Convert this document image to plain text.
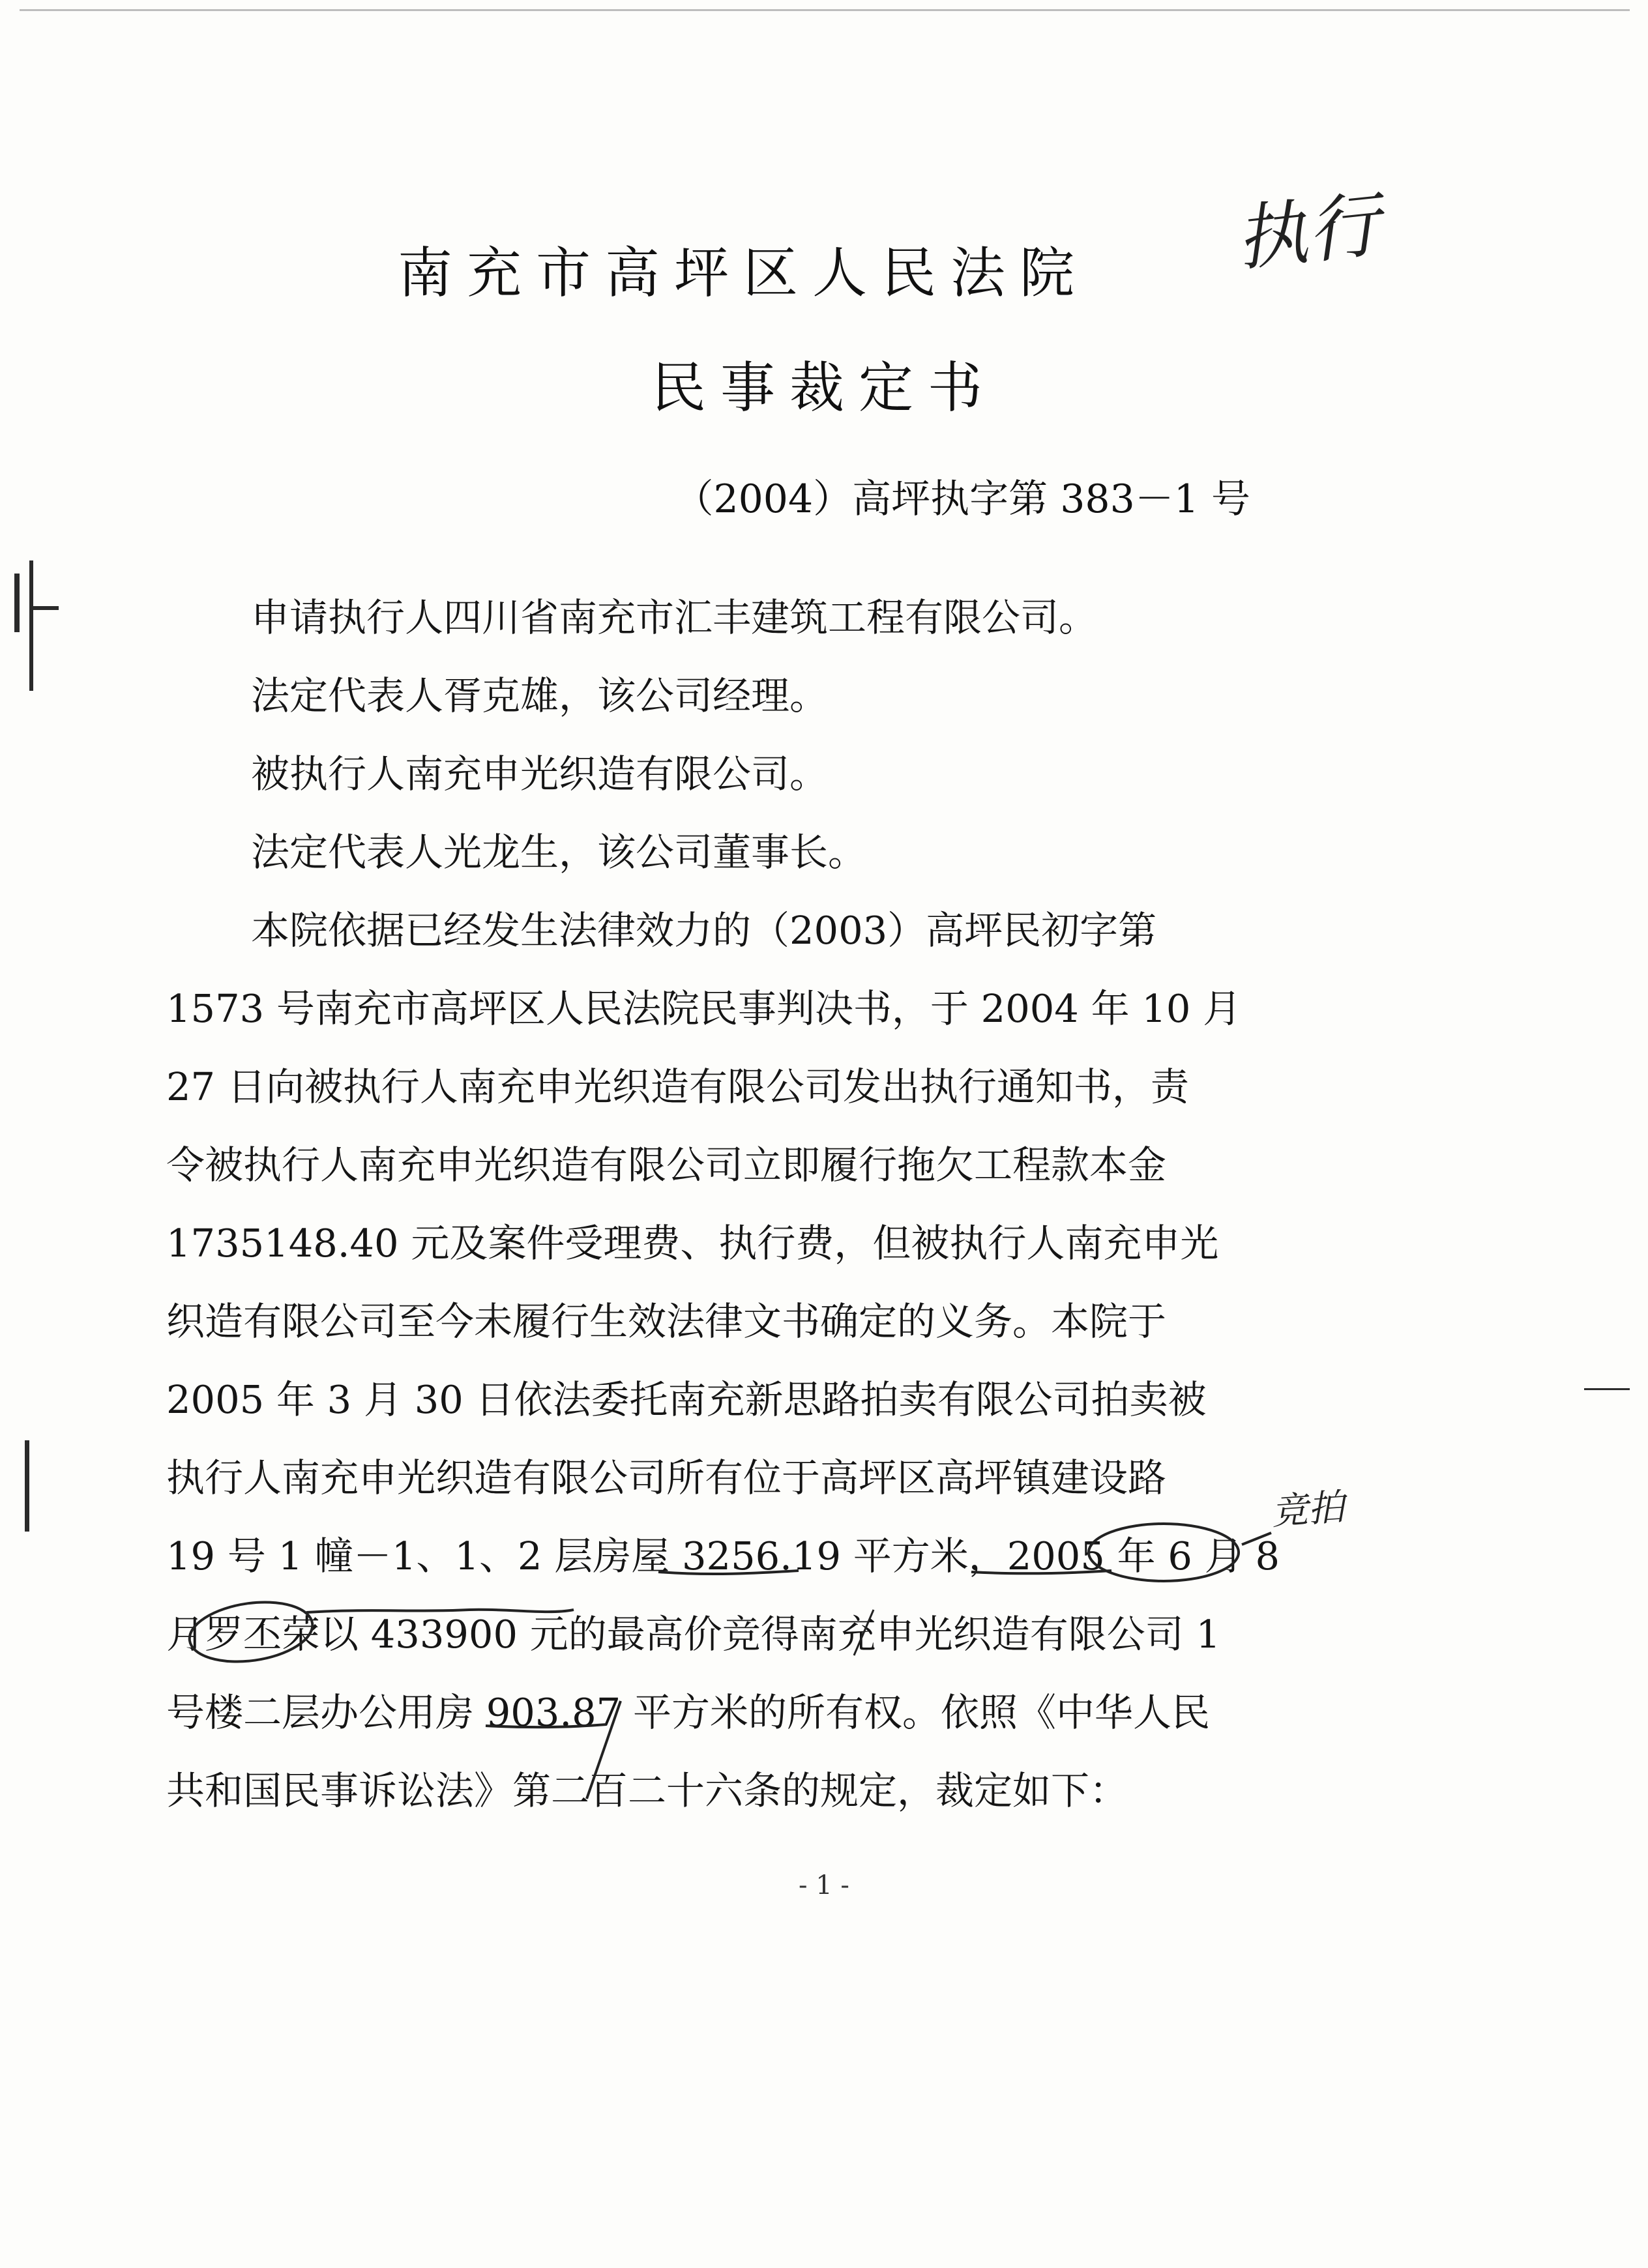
南充市高坪区人民法院
民事裁定书
（2004）高坪执字第 383－1 号
申请执行人四川省南充市汇丰建筑工程有限公司。
法定代表人胥克雄，该公司经理。
被执行人南充申光织造有限公司。
法定代表人光龙生，该公司董事长。
本院依据已经发生法律效力的（2003）高坪民初字第
1573 号南充市高坪区人民法院民事判决书，于 2004 年 10 月
27 日向被执行人南充申光织造有限公司发出执行通知书，责
令被执行人南充申光织造有限公司立即履行拖欠工程款本金
1735148.40 元及案件受理费、执行费，但被执行人南充申光
织造有限公司至今未履行生效法律文书确定的义务。本院于
2005 年 3 月 30 日依法委托南充新思路拍卖有限公司拍卖被
执行人南充申光织造有限公司所有位于高坪区高坪镇建设路
19 号 1 幢－1、1、2 层房屋 3256.19 平方米，2005 年 6 月 8
月罗丕荣以 433900 元的最高价竞得南充申光织造有限公司 1
号楼二层办公用房 903.87 平方米的所有权。依照《中华人民
共和国民事诉讼法》第二百二十六条的规定，裁定如下：
- 1 -
执行
竞拍
